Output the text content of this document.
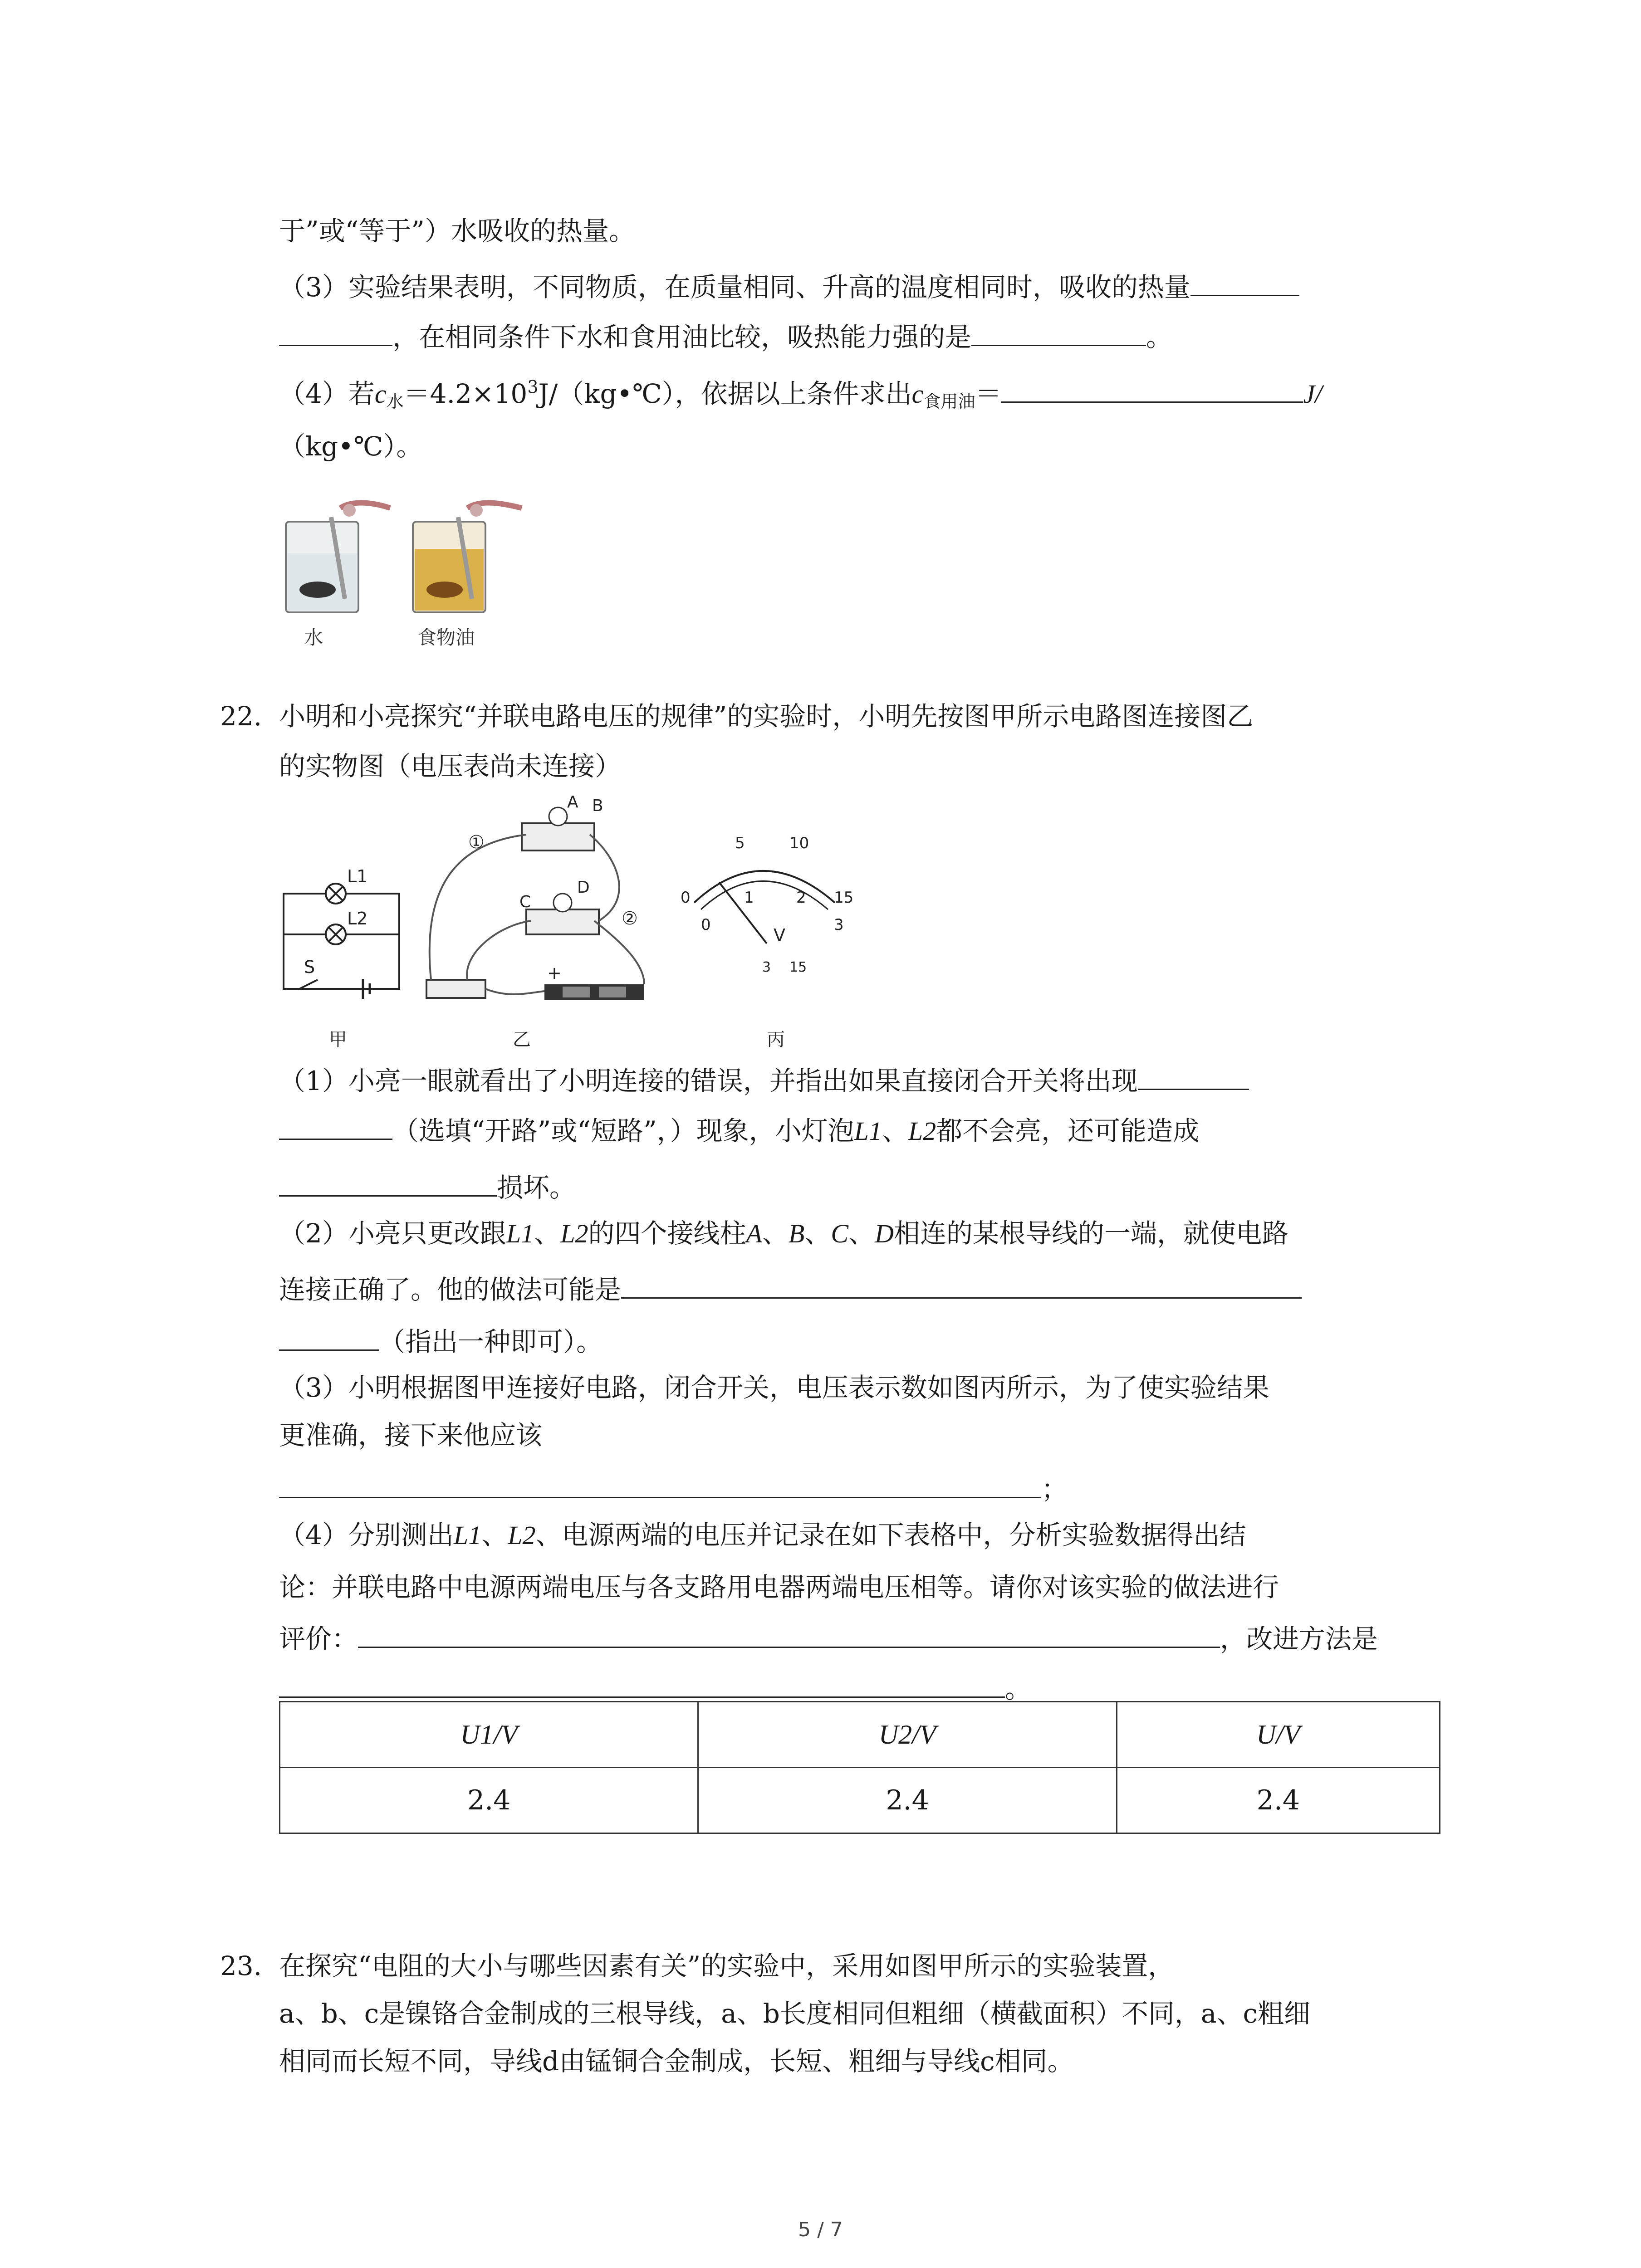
于”或“等于”）水吸收的热量。
（3）实验结果表明，不同物质，在质量相同、升高的温度相同时，吸收的热量
，在相同条件下水和食用油比较，吸热能力强的是	。
（4）若$c_水=4.2\times 10^3J/(kg•℃)$，依据以上条件求出$c_{食用油}=$	J/
（kg•℃）。
水	食物油
22. 小明和小亮探究“并联电路电压的规律”的实验时，小明先按图甲所示电路图连接图乙
的实物图（电压表尚未连接）
L1
L2
S
A B
C
D
①
②
+
0
5	10
15
0
1	2
3
V
3 15
甲	乙	丙
（1）小亮一眼就看出了小明连接的错误，并指出如果直接闭合开关将出现
（选填“开路”或“短路”，）现象，小灯泡L1、L2都不会亮，还可能造成
损坏。
（2）小亮只更改跟L1、L2的四个接线柱A、B、C、D相连的某根导线的一端，就使电路
连接正确了。他的做法可能是
（指出一种即可）。
（3）小明根据图甲连接好电路，闭合开关，电压表示数如图丙所示，为了使实验结果
更准确，接下来他应该
；
（4）分别测出L1、L2、电源两端的电压并记录在如下表格中，分析实验数据得出结
论：并联电路中电源两端电压与各支路用电器两端电压相等。请你对该实验的做法进行
评价：	，改进方法是
。
U1/V	U2/V	U/V
2.4	2.4	2.4
23. 在探究“电阻的大小与哪些因素有关”的实验中，采用如图甲所示的实验装置，
a、b、c是镍铬合金制成的三根导线，a、b长度相同但粗细（横截面积）不同，a、c粗细
相同而长短不同，导线d由锰铜合金制成，长短、粗细与导线c相同。
5 / 7
